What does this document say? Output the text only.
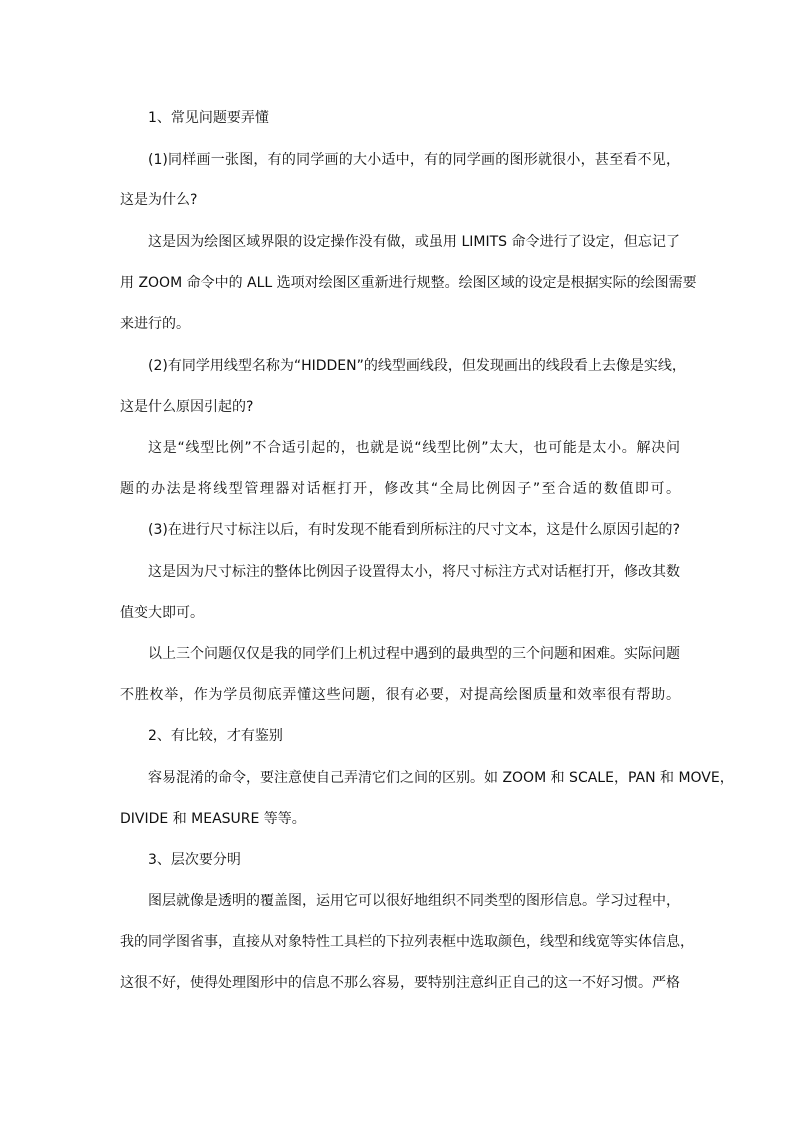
1、常见问题要弄懂
(1)同样画一张图，有的同学画的大小适中，有的同学画的图形就很小，甚至看不见，
这是为什么?
这是因为绘图区域界限的设定操作没有做，或虽用 LIMITS 命令进行了设定，但忘记了
用 ZOOM 命令中的 ALL 选项对绘图区重新进行规整。绘图区域的设定是根据实际的绘图需要
来进行的。
(2)有同学用线型名称为“HIDDEN”的线型画线段，但发现画出的线段看上去像是实线，
这是什么原因引起的?
这是“线型比例”不合适引起的，也就是说“线型比例”太大，也可能是太小。解决问
题的办法是将线型管理器对话框打开，修改其“全局比例因子”至合适的数值即可。
(3)在进行尺寸标注以后，有时发现不能看到所标注的尺寸文本，这是什么原因引起的?
这是因为尺寸标注的整体比例因子设置得太小，将尺寸标注方式对话框打开，修改其数
值变大即可。
以上三个问题仅仅是我的同学们上机过程中遇到的最典型的三个问题和困难。实际问题
不胜枚举，作为学员彻底弄懂这些问题，很有必要，对提高绘图质量和效率很有帮助。
2、有比较，才有鉴别
容易混淆的命令，要注意使自己弄清它们之间的区别。如 ZOOM 和 SCALE，PAN 和 MOVE，
DIVIDE 和 MEASURE 等等。
3、层次要分明
图层就像是透明的覆盖图，运用它可以很好地组织不同类型的图形信息。学习过程中，
我的同学图省事，直接从对象特性工具栏的下拉列表框中选取颜色，线型和线宽等实体信息，
这很不好，使得处理图形中的信息不那么容易，要特别注意纠正自己的这一不好习惯。严格
